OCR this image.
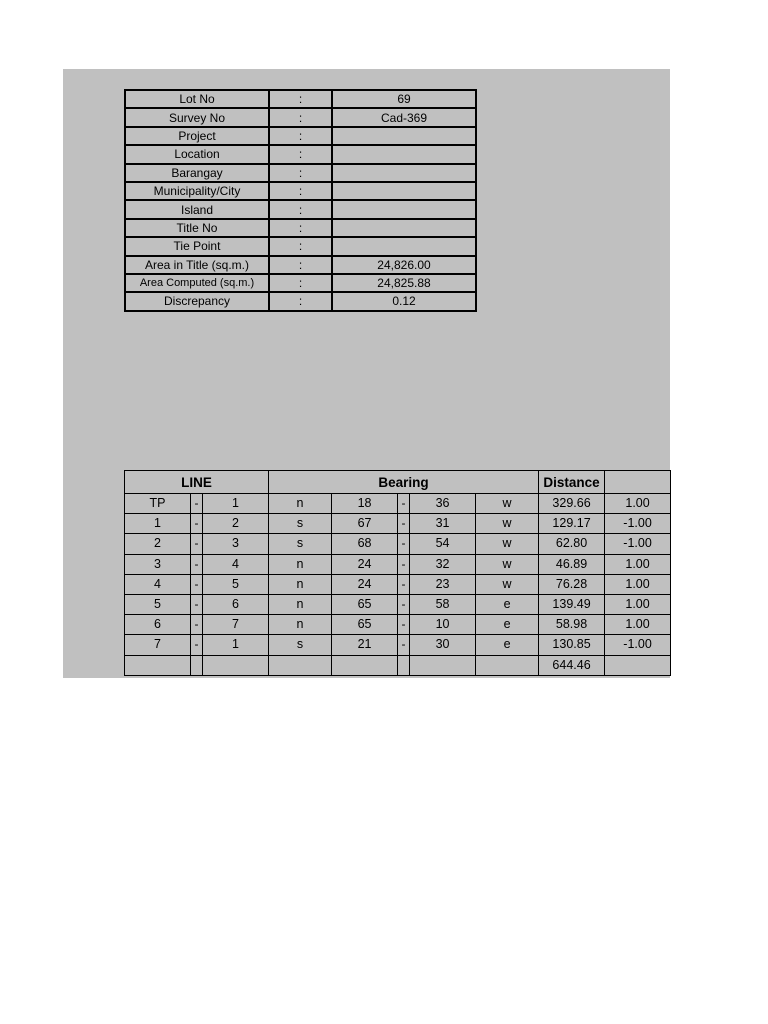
Lot No	:	69
Survey No	:	Cad-369
Project	:	
Location	:	
Barangay	:	
Municipality/City	:	
Island	:	
Title No	:	
Tie Point	:	
Area in Title (sq.m.)	:	24,826.00
Area Computed (sq.m.)	:	24,825.88
Discrepancy	:	0.12
LINE			Bearing					Distance	
TP	-	1	n	18	-	36	w	329.66	1.00
1	-	2	s	67	-	31	w	129.17	-1.00
2	-	3	s	68	-	54	w	62.80	-1.00
3	-	4	n	24	-	32	w	46.89	1.00
4	-	5	n	24	-	23	w	76.28	1.00
5	-	6	n	65	-	58	e	139.49	1.00
6	-	7	n	65	-	10	e	58.98	1.00
7	-	1	s	21	-	30	e	130.85	-1.00
								644.46	
